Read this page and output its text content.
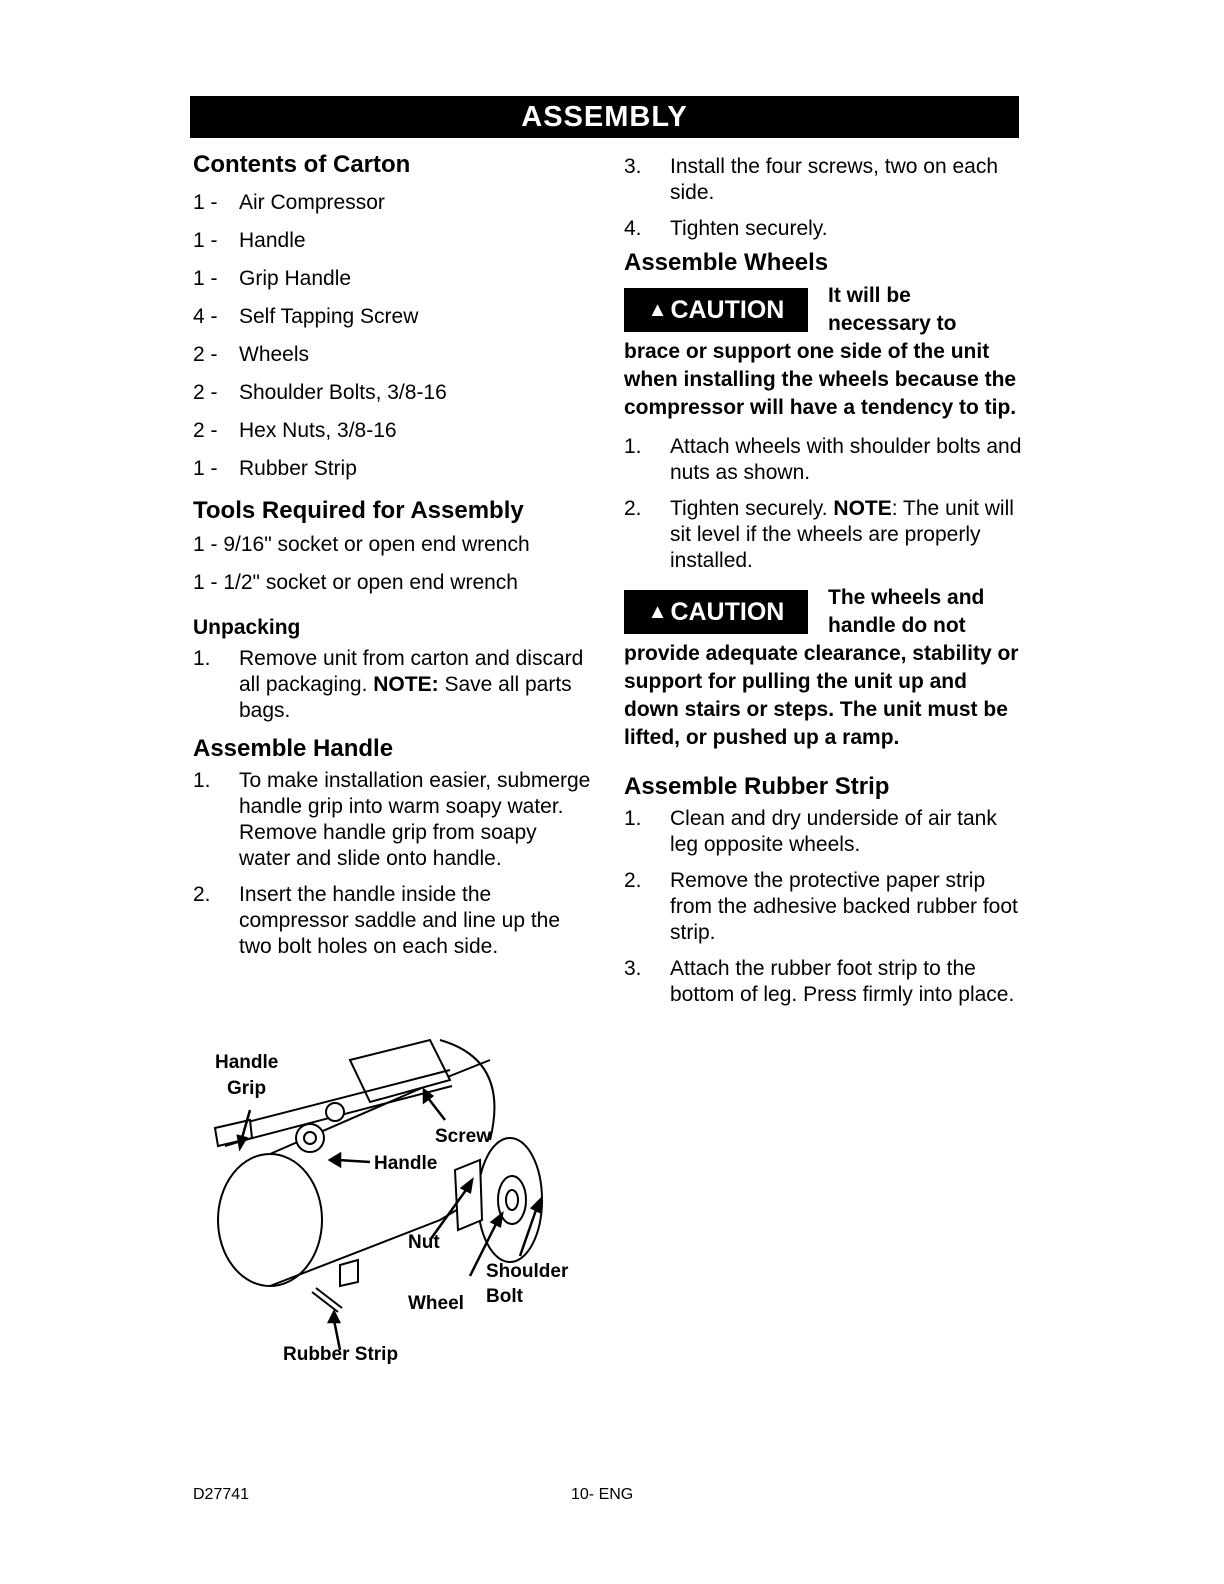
ASSEMBLY
Contents of Carton
1 -	Air Compressor
1 -	Handle
1 -	Grip Handle
4 -	Self Tapping Screw
2 -	Wheels
2 -	Shoulder Bolts, 3/8-16
2 -	Hex Nuts, 3/8-16
1 -	Rubber Strip
Tools Required for Assembly
1 - 9/16" socket or open end wrench
1 - 1/2" socket or open end wrench
Unpacking
1.	Remove unit from carton and discard all packaging. NOTE: Save all parts bags.
Assemble Handle
1.	To make installation easier, submerge handle grip into warm soapy water. Remove handle grip from soapy water and slide onto handle.
2.	Insert the handle inside the compressor saddle and line up the two bolt holes on each side.
Handle
Grip
Screw
Handle
Nut
Shoulder
Bolt
Wheel
Rubber Strip
3.	Install the four screws, two on each side.
4.	Tighten securely.
Assemble Wheels
▲ CAUTION
It will be necessary to
brace or support one side of the unit when installing the wheels because the compressor will have a tendency to tip.
1.	Attach wheels with shoulder bolts and nuts as shown.
2.	Tighten securely. NOTE: The unit will sit level if the wheels are properly installed.
▲ CAUTION
The wheels and handle do not
provide adequate clearance, stability or support for pulling the unit up and down stairs or steps. The unit must be lifted, or pushed up a ramp.
Assemble Rubber Strip
1.	Clean and dry underside of air tank leg opposite wheels.
2.	Remove the protective paper strip from the adhesive backed rubber foot strip.
3.	Attach the rubber foot strip to the bottom of leg. Press firmly into place.
D27741	10- ENG
